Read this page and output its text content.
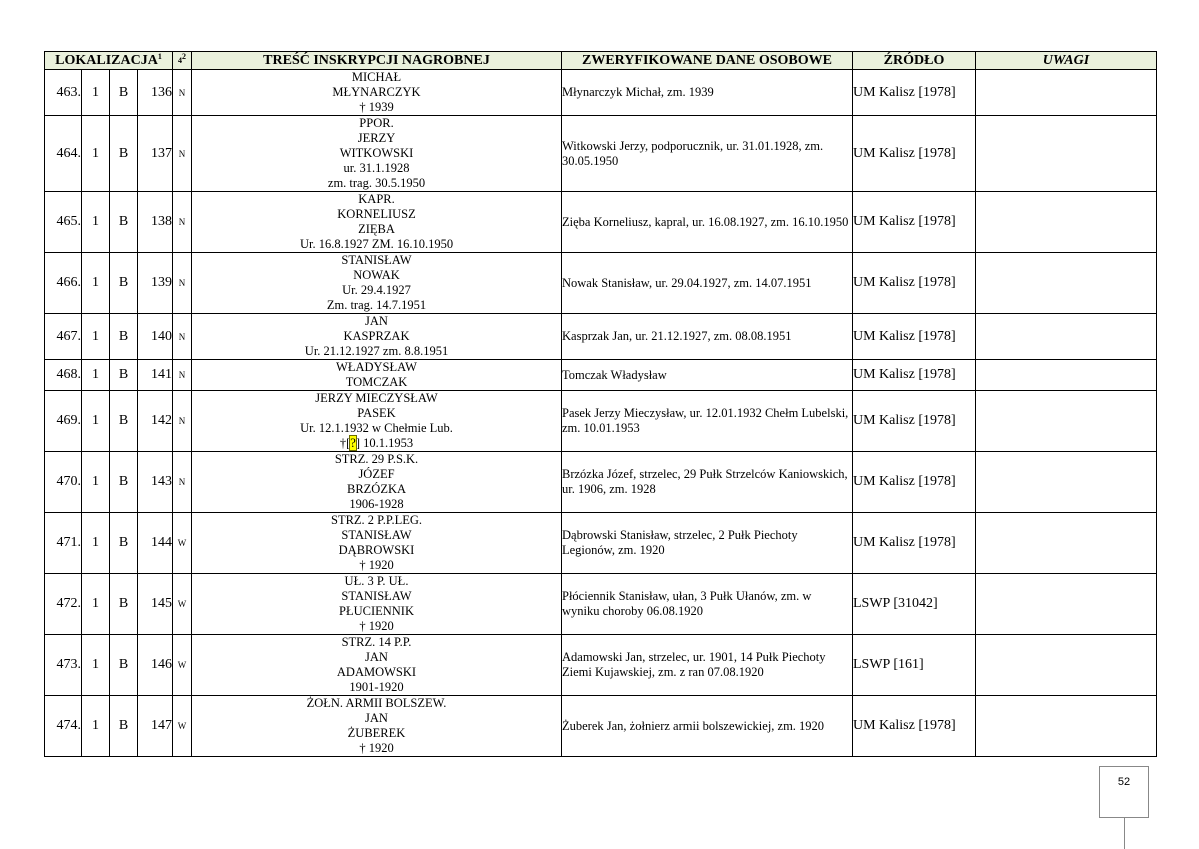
LOKALIZACJA$^1$				$4^2$	TREŚĆ INSKRYPCJI NAGROBNEJ	ZWERYFIKOWANE DANE OSOBOWE	ŹRÓDŁO	UWAGI
463.	1	B	136	N	MICHAŁ
MŁYNARCZYK
† 1939	Młynarczyk Michał, zm. 1939	UM Kalisz [1978]	
464.	1	B	137	N	PPOR.
JERZY
WITKOWSKI
ur. 31.1.1928
zm. trag. 30.5.1950	Witkowski Jerzy, podporucznik, ur. 31.01.1928, zm. 30.05.1950	UM Kalisz [1978]	
465.	1	B	138	N	KAPR.
KORNELIUSZ
ZIĘBA
Ur. 16.8.1927 ZM. 16.10.1950	Zięba Korneliusz, kapral, ur. 16.08.1927, zm. 16.10.1950	UM Kalisz [1978]	
466.	1	B	139	N	STANISŁAW
NOWAK
Ur. 29.4.1927
Zm. trag. 14.7.1951	Nowak Stanisław, ur. 29.04.1927, zm. 14.07.1951	UM Kalisz [1978]	
467.	1	B	140	N	JAN
KASPRZAK
Ur. 21.12.1927 zm. 8.8.1951	Kasprzak Jan, ur. 21.12.1927, zm. 08.08.1951	UM Kalisz [1978]	
468.	1	B	141	N	WŁADYSŁAW
TOMCZAK	Tomczak Władysław	UM Kalisz [1978]	
469.	1	B	142	N	JERZY MIECZYSŁAW
PASEK
Ur. 12.1.1932 w Chełmie Lub.
†[?] 10.1.1953	Pasek Jerzy Mieczysław, ur. 12.01.1932 Chełm Lubelski, zm. 10.01.1953	UM Kalisz [1978]	
470.	1	B	143	N	STRZ. 29 P.S.K.
JÓZEF
BRZÓZKA
1906-1928	Brzózka Józef, strzelec, 29 Pułk Strzelców Kaniowskich, ur. 1906, zm. 1928	UM Kalisz [1978]	
471.	1	B	144	W	STRZ. 2 P.P.LEG.
STANISŁAW
DĄBROWSKI
† 1920	Dąbrowski Stanisław, strzelec, 2 Pułk Piechoty Legionów, zm. 1920	UM Kalisz [1978]	
472.	1	B	145	W	UŁ. 3 P. UŁ.
STANISŁAW
PŁUCIENNIK
† 1920	Płóciennik Stanisław, ułan, 3 Pułk Ułanów, zm. w wyniku choroby 06.08.1920	LSWP [31042]	
473.	1	B	146	W	STRZ. 14 P.P.
JAN
ADAMOWSKI
1901-1920	Adamowski Jan, strzelec, ur. 1901, 14 Pułk Piechoty Ziemi Kujawskiej, zm. z ran 07.08.1920	LSWP [161]	
474.	1	B	147	W	ŻOŁN. ARMII BOLSZEW.
JAN
ŻUBEREK
† 1920	Żuberek Jan, żołnierz armii bolszewickiej, zm. 1920	UM Kalisz [1978]	
52
